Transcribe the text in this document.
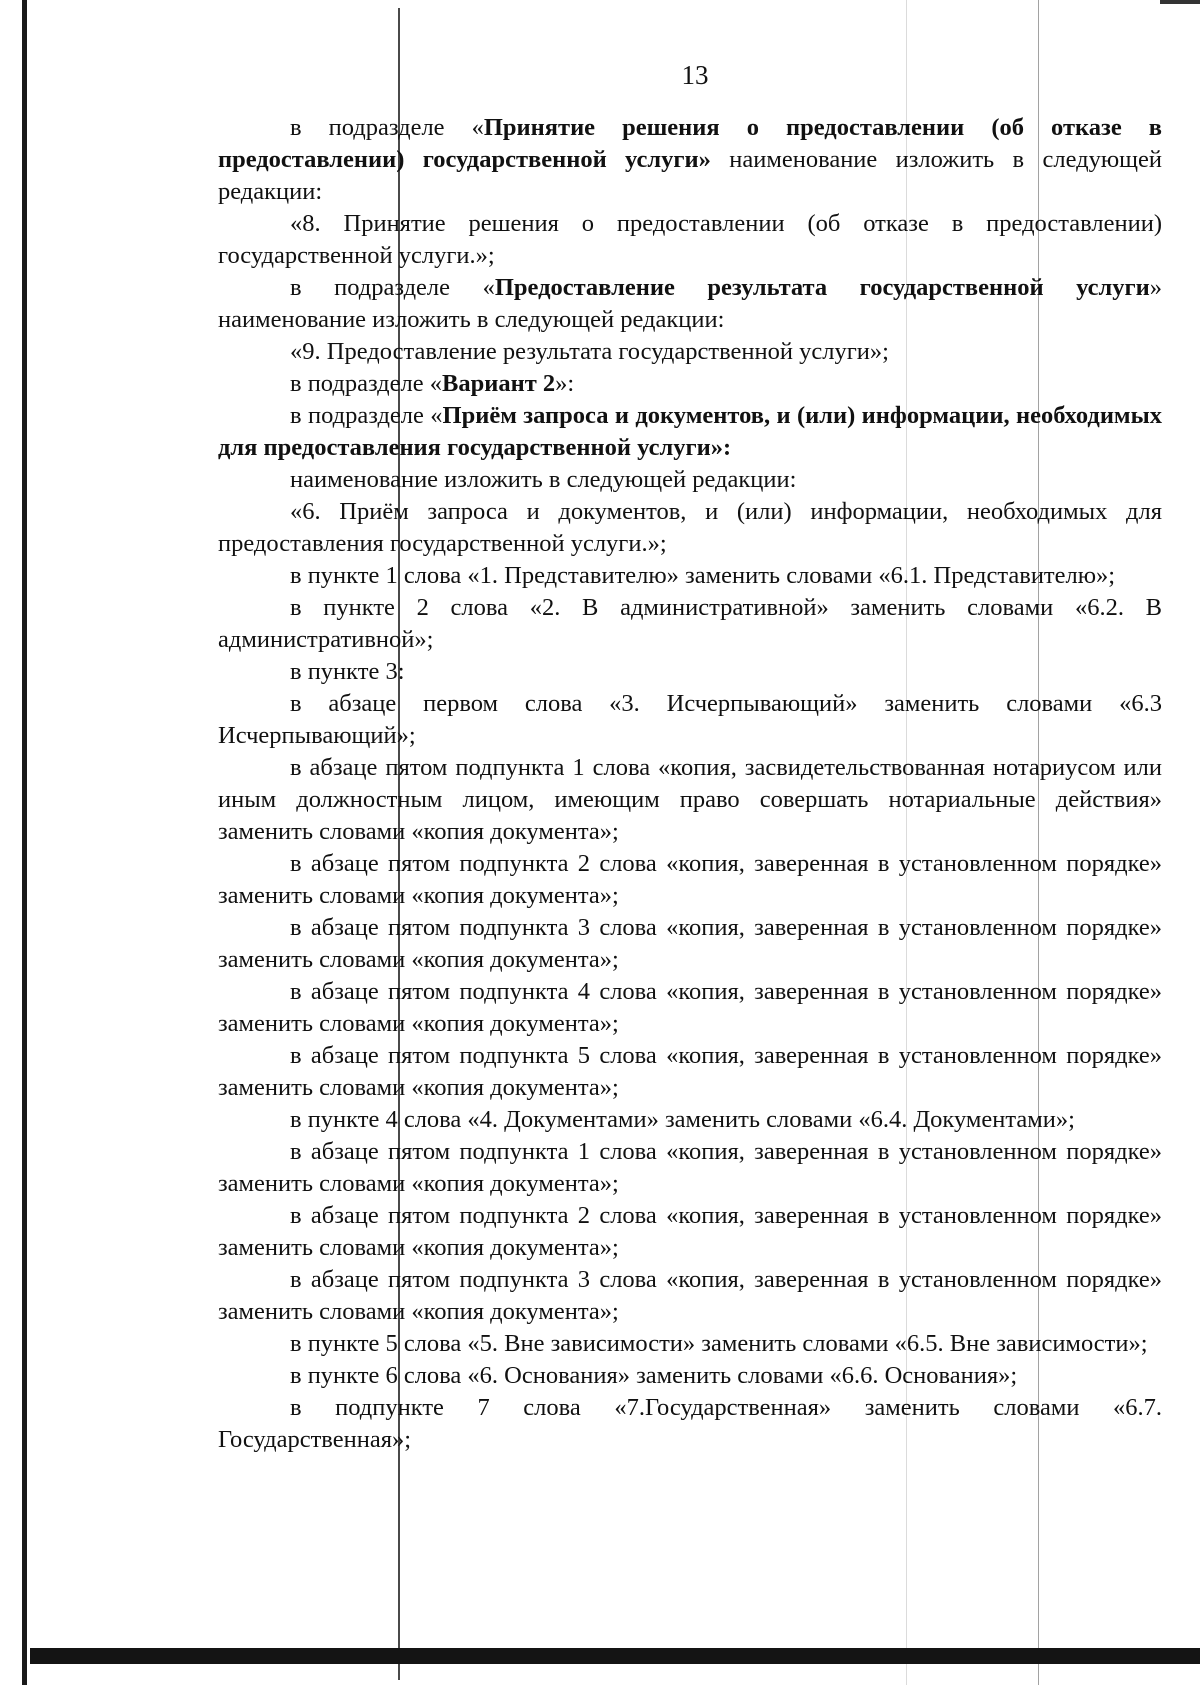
13

в подразделе «Принятие решения о предоставлении (об отказе в предоставлении) государственной услуги» наименование изложить в следующей редакции:

«8. Принятие решения о предоставлении (об отказе в предоставлении) государственной услуги.»;

в подразделе «Предоставление результата государственной услуги» наименование изложить в следующей редакции:

«9. Предоставление результата государственной услуги»;

в подразделе «Вариант 2»:

в подразделе «Приём запроса и документов, и (или) информации, необходимых для предоставления государственной услуги»:

наименование изложить в следующей редакции:

«6. Приём запроса и документов, и (или) информации, необходимых для предоставления государственной услуги.»;

в пункте 1 слова «1. Представителю» заменить словами «6.1. Представителю»;

в пункте 2 слова «2. В административной» заменить словами «6.2. В административной»;

в пункте 3:

в абзаце первом слова «3. Исчерпывающий» заменить словами «6.3 Исчерпывающий»;

в абзаце пятом подпункта 1 слова «копия, засвидетельствованная нотариусом или иным должностным лицом, имеющим право совершать нотариальные действия» заменить словами «копия документа»;

в абзаце пятом подпункта 2 слова «копия, заверенная в установленном порядке» заменить словами «копия документа»;

в абзаце пятом подпункта 3 слова «копия, заверенная в установленном порядке» заменить словами «копия документа»;

в абзаце пятом подпункта 4 слова «копия, заверенная в установленном порядке» заменить словами «копия документа»;

в абзаце пятом подпункта 5 слова «копия, заверенная в установленном порядке» заменить словами «копия документа»;

в пункте 4 слова «4. Документами» заменить словами «6.4. Документами»;

в абзаце пятом подпункта 1 слова «копия, заверенная в установленном порядке» заменить словами «копия документа»;

в абзаце пятом подпункта 2 слова «копия, заверенная в установленном порядке» заменить словами «копия документа»;

в абзаце пятом подпункта 3 слова «копия, заверенная в установленном порядке» заменить словами «копия документа»;

в пункте 5 слова «5. Вне зависимости» заменить словами «6.5. Вне зависимости»;

в пункте 6 слова «6. Основания» заменить словами «6.6. Основания»;

в подпункте 7 слова «7.Государственная» заменить словами «6.7. Государственная»;
